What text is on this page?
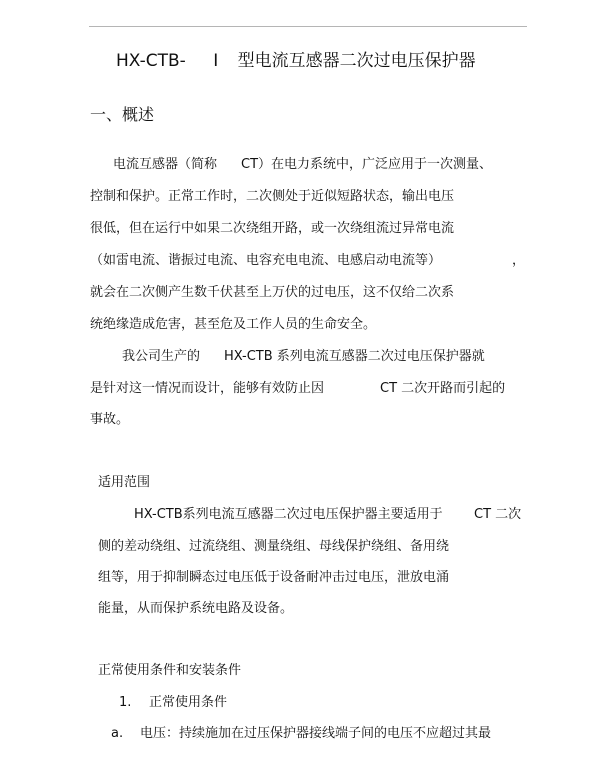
HX-CTB- Ⅰ 型电流互感器二次过电压保护器
一、概述
电流互感器（简称 CT）在电力系统中，广泛应用于一次测量、
控制和保护。正常工作时，二次侧处于近似短路状态，输出电压
很低，但在运行中如果二次绕组开路，或一次绕组流过异常电流
（如雷电流、谐振过电流、电容充电电流、电感启动电流等）	，
就会在二次侧产生数千伏甚至上万伏的过电压，这不仅给二次系
统绝缘造成危害，甚至危及工作人员的生命安全。
我公司生产的 HX-CTB 系列电流互感器二次过电压保护器就
是针对这一情况而设计，能够有效防止因	CT 二次开路而引起的
事故。
适用范围
HX-CTB系列电流互感器二次过电压保护器主要适用于 CT 二次
侧的差动绕组、过流绕组、测量绕组、母线保护绕组、备用绕
组等，用于抑制瞬态过电压低于设备耐冲击过电压，泄放电涌
能量，从而保护系统电路及设备。
正常使用条件和安装条件
1. 正常使用条件
a. 电压：持续施加在过压保护器接线端子间的电压不应超过其最
